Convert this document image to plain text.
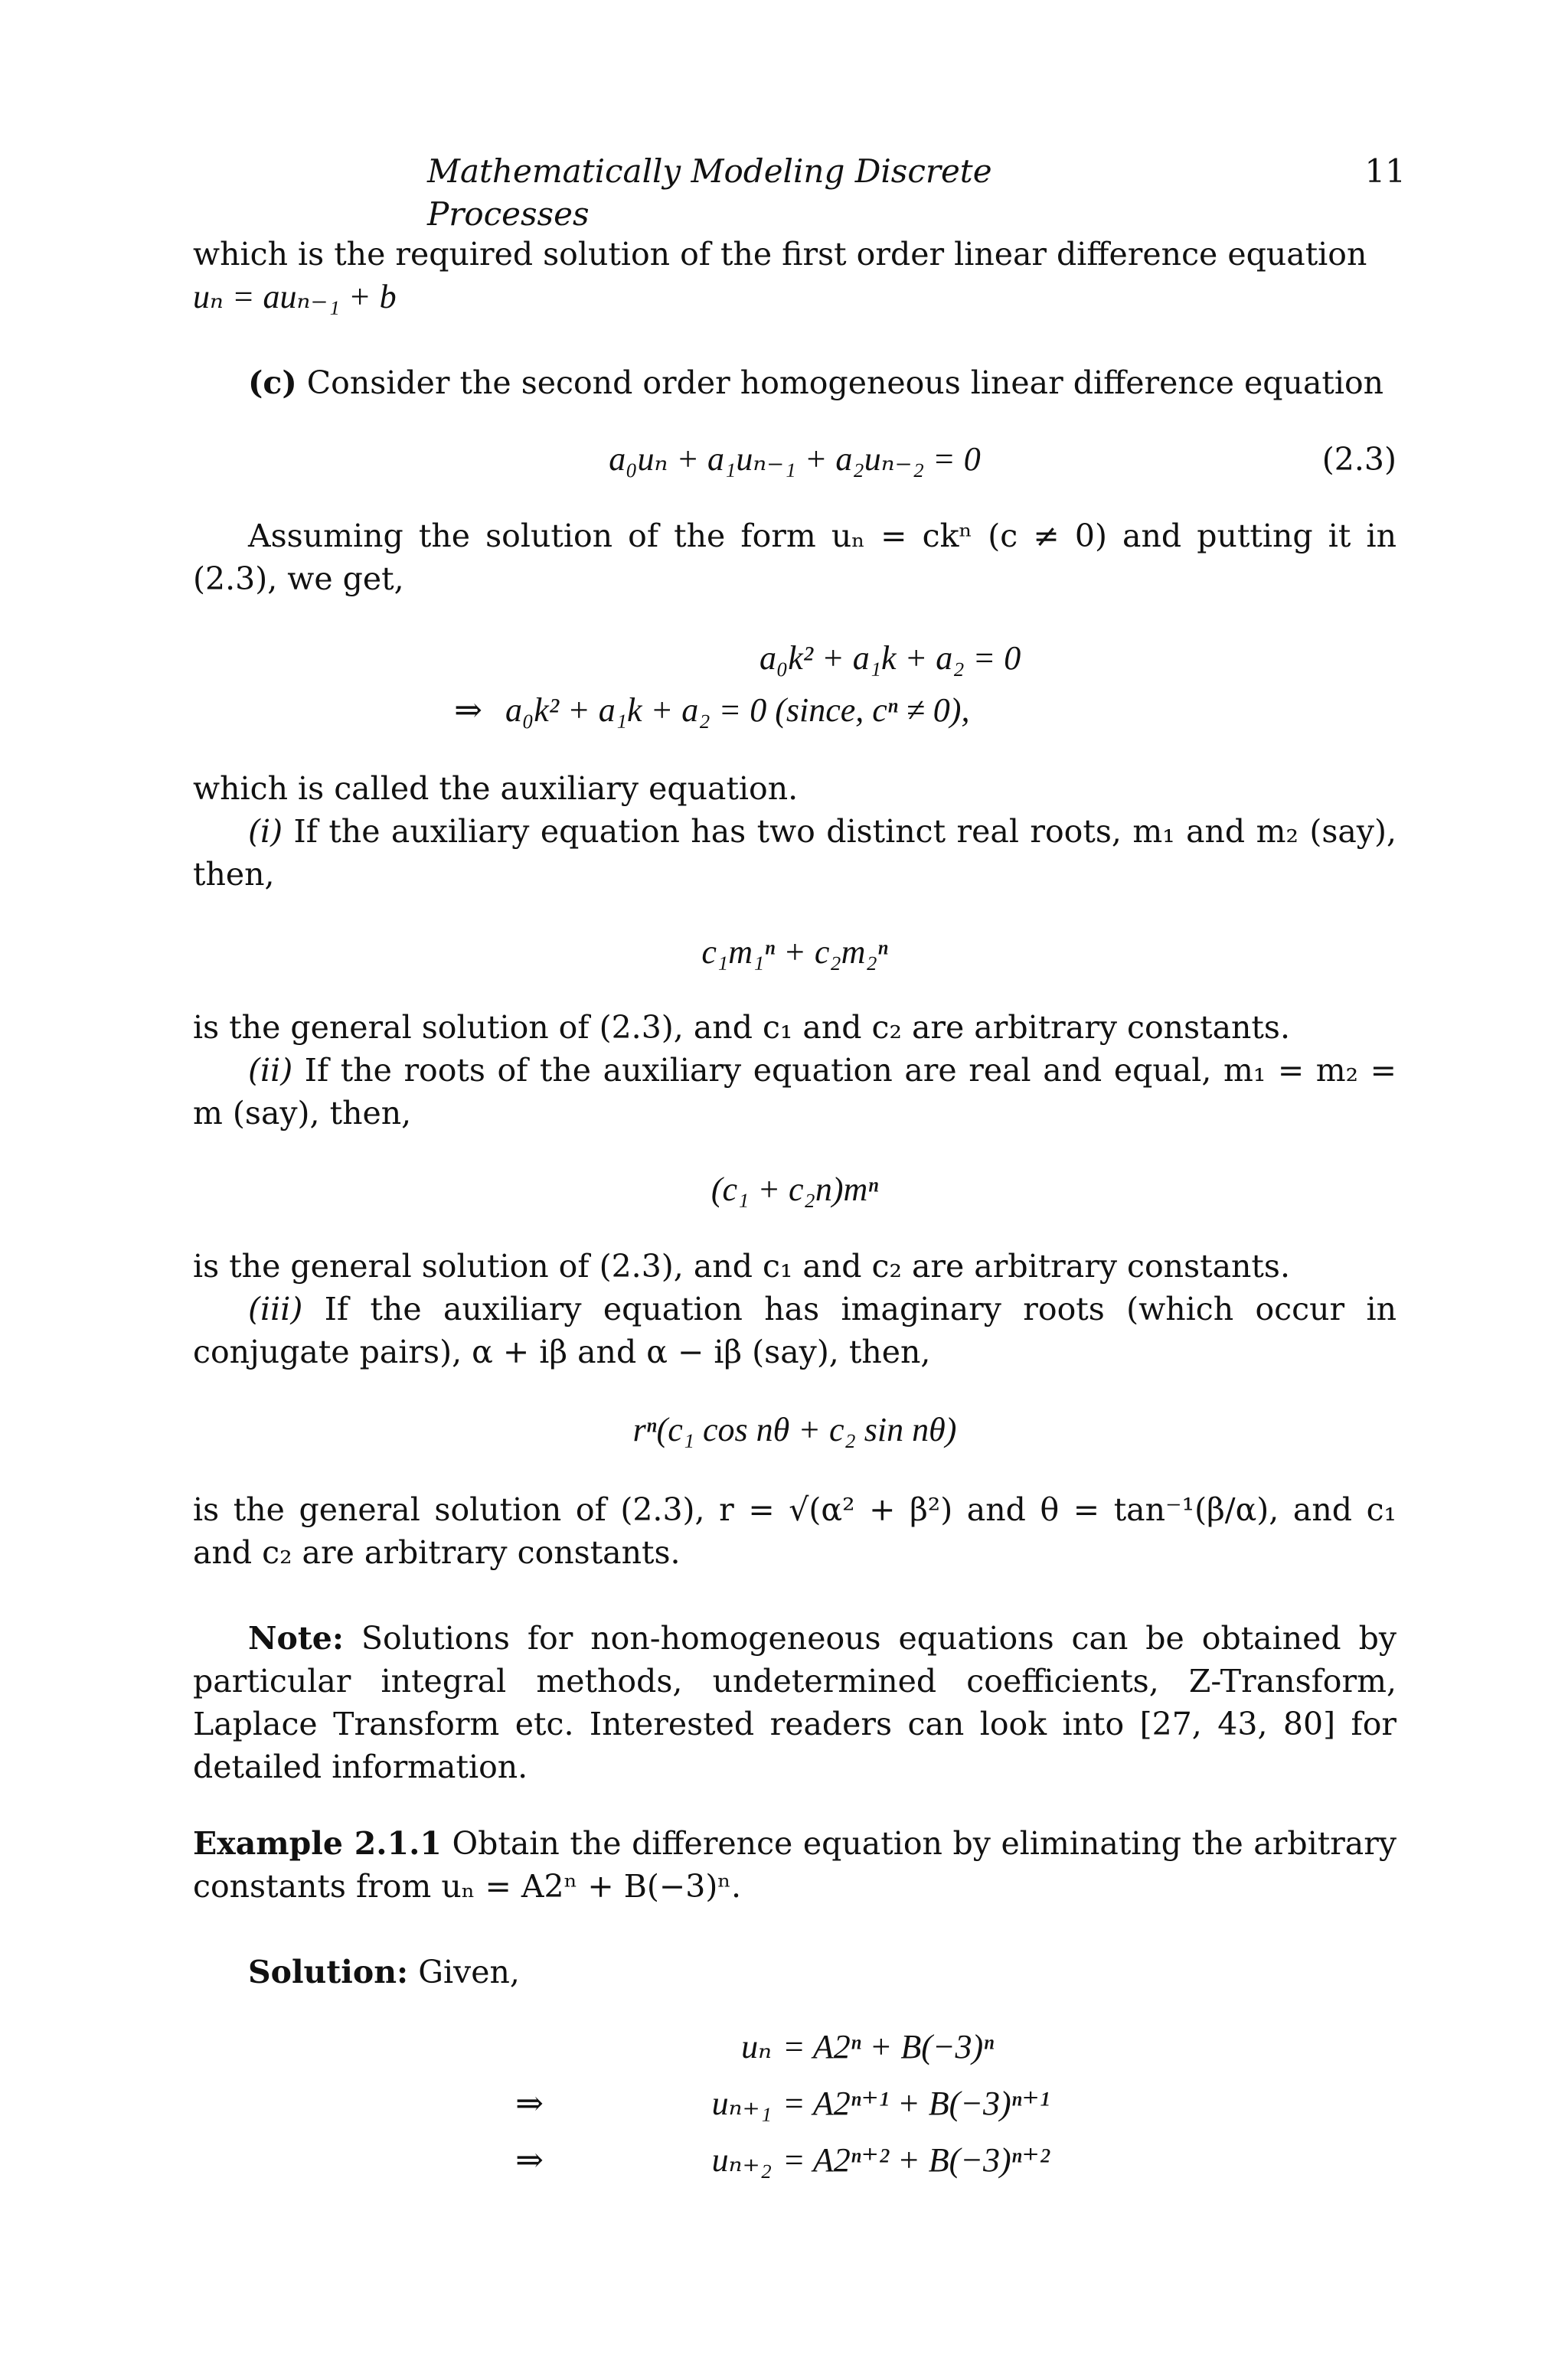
Mathematically Modeling Discrete Processes
11

which is the required solution of the first order linear difference equation
uₙ = auₙ₋₁ + b

(c) Consider the second order homogeneous linear difference equation

a₀uₙ + a₁uₙ₋₁ + a₂uₙ₋₂ = 0	(2.3)

Assuming the solution of the form uₙ = ckⁿ (c ≠ 0) and putting it in (2.3), we get,

a₀k² + a₁k + a₂ = 0
⇒ a₀k² + a₁k + a₂ = 0 (since, cⁿ ≠ 0),

which is called the auxiliary equation.

(i) If the auxiliary equation has two distinct real roots, m₁ and m₂ (say), then,

c₁m₁ⁿ + c₂m₂ⁿ

is the general solution of (2.3), and c₁ and c₂ are arbitrary constants.

(ii) If the roots of the auxiliary equation are real and equal, m₁ = m₂ = m (say), then,

(c₁ + c₂n)mⁿ

is the general solution of (2.3), and c₁ and c₂ are arbitrary constants.

(iii) If the auxiliary equation has imaginary roots (which occur in conjugate pairs), α + iβ and α − iβ (say), then,

rⁿ(c₁ cos nθ + c₂ sin nθ)

is the general solution of (2.3), r = √(α² + β²) and θ = tan⁻¹(β/α), and c₁ and c₂ are arbitrary constants.

Note: Solutions for non-homogeneous equations can be obtained by particular integral methods, undetermined coefficients, Z-Transform, Laplace Transform etc. Interested readers can look into [27, 43, 80] for detailed information.

Example 2.1.1 Obtain the difference equation by eliminating the arbitrary constants from uₙ = A2ⁿ + B(−3)ⁿ.

Solution: Given,

uₙ = A2ⁿ + B(−3)ⁿ
⇒	uₙ₊₁ = A2ⁿ⁺¹ + B(−3)ⁿ⁺¹
⇒	uₙ₊₂ = A2ⁿ⁺² + B(−3)ⁿ⁺²
